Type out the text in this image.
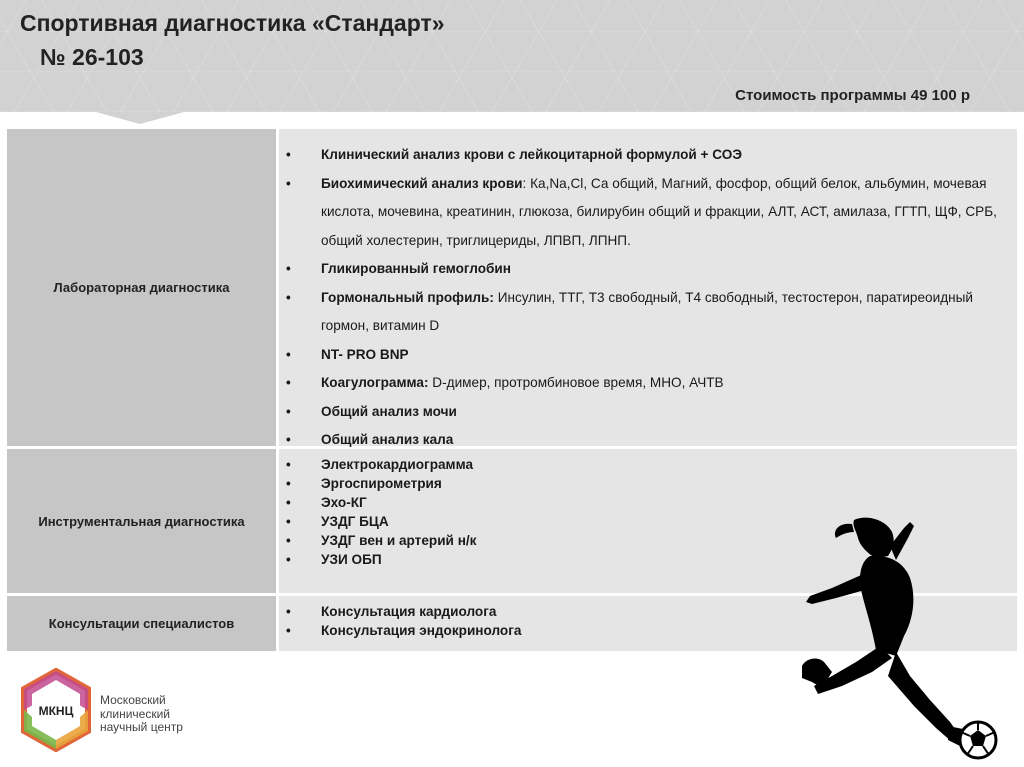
Спортивная диагностика «Стандарт»
№ 26-103
Стоимость программы 49 100 р
Лабораторная диагностика
• Клинический анализ крови с лейкоцитарной формулой + СОЭ
• Биохимический анализ крови: Ка,Na,Cl, Са общий, Магний, фосфор, общий белок, альбумин, мочевая кислота, мочевина, креатинин, глюкоза, билирубин общий и фракции, АЛТ, АСТ, амилаза, ГГТП, ЩФ, СРБ, общий холестерин, триглицериды, ЛПВП, ЛПНП.
• Гликированный гемоглобин
• Гормональный профиль: Инсулин, ТТГ, Т3 свободный, Т4 свободный, тестостерон, паратиреоидный гормон, витамин D
• NT- PRO BNP
• Коагулограмма: D-димер, протромбиновое время, МНО, АЧТВ
• Общий анализ мочи
• Общий анализ кала
Инструментальная диагностика
• Электрокардиограмма
• Эргоспирометрия
• Эхо-КГ
• УЗДГ БЦА
• УЗДГ вен и артерий н/к
• УЗИ ОБП
Консультации специалистов
• Консультация кардиолога
• Консультация эндокринолога
МКНЦ
Московский
клинический
научный центр
